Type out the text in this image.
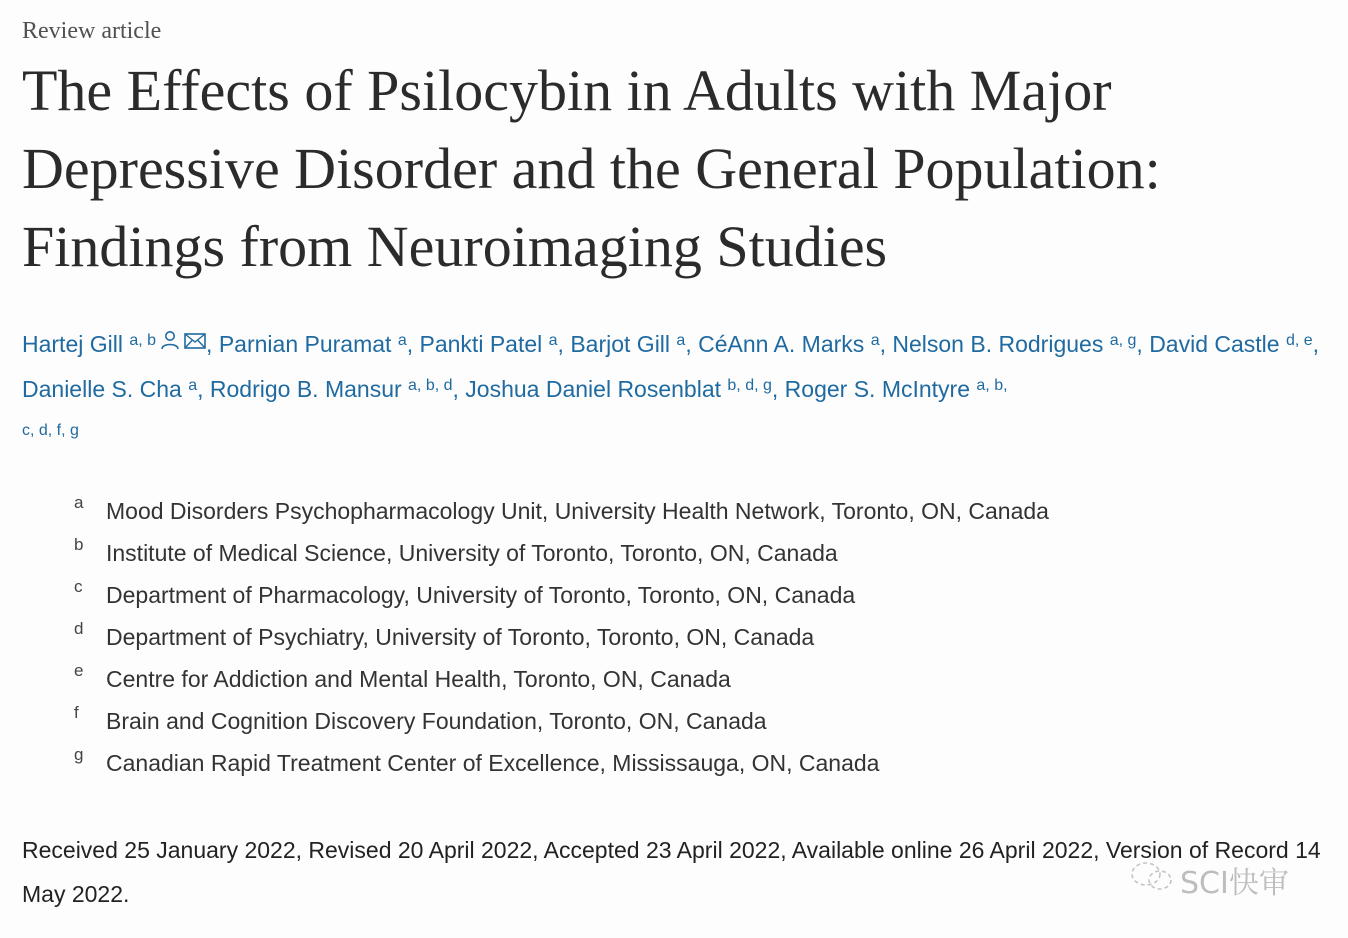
Review article
The Effects of Psilocybin in Adults with Major
Depressive Disorder and the General Population:
Findings from Neuroimaging Studies
Hartej Gill $^{a, b}$ , Parnian Puramat $^a$, Pankti Patel $^a$, Barjot Gill $^a$, CéAnn A. Marks $^a$, Nelson B. Rodrigues $^{a, g}$, David Castle $^{d, e}$, Danielle S. Cha $^a$, Rodrigo B. Mansur $^{a, b, d}$, Joshua Daniel Rosenblat $^{b, d, g}$, Roger S. McIntyre $^{a, b,}$
$^{c, d, f, g}$
a Mood Disorders Psychopharmacology Unit, University Health Network, Toronto, ON, Canada
b Institute of Medical Science, University of Toronto, Toronto, ON, Canada
c Department of Pharmacology, University of Toronto, Toronto, ON, Canada
d Department of Psychiatry, University of Toronto, Toronto, ON, Canada
e Centre for Addiction and Mental Health, Toronto, ON, Canada
f Brain and Cognition Discovery Foundation, Toronto, ON, Canada
g Canadian Rapid Treatment Center of Excellence, Mississauga, ON, Canada
Received 25 January 2022, Revised 20 April 2022, Accepted 23 April 2022, Available online 26 April 2022, Version of Record 14 May 2022.	SCI快审
